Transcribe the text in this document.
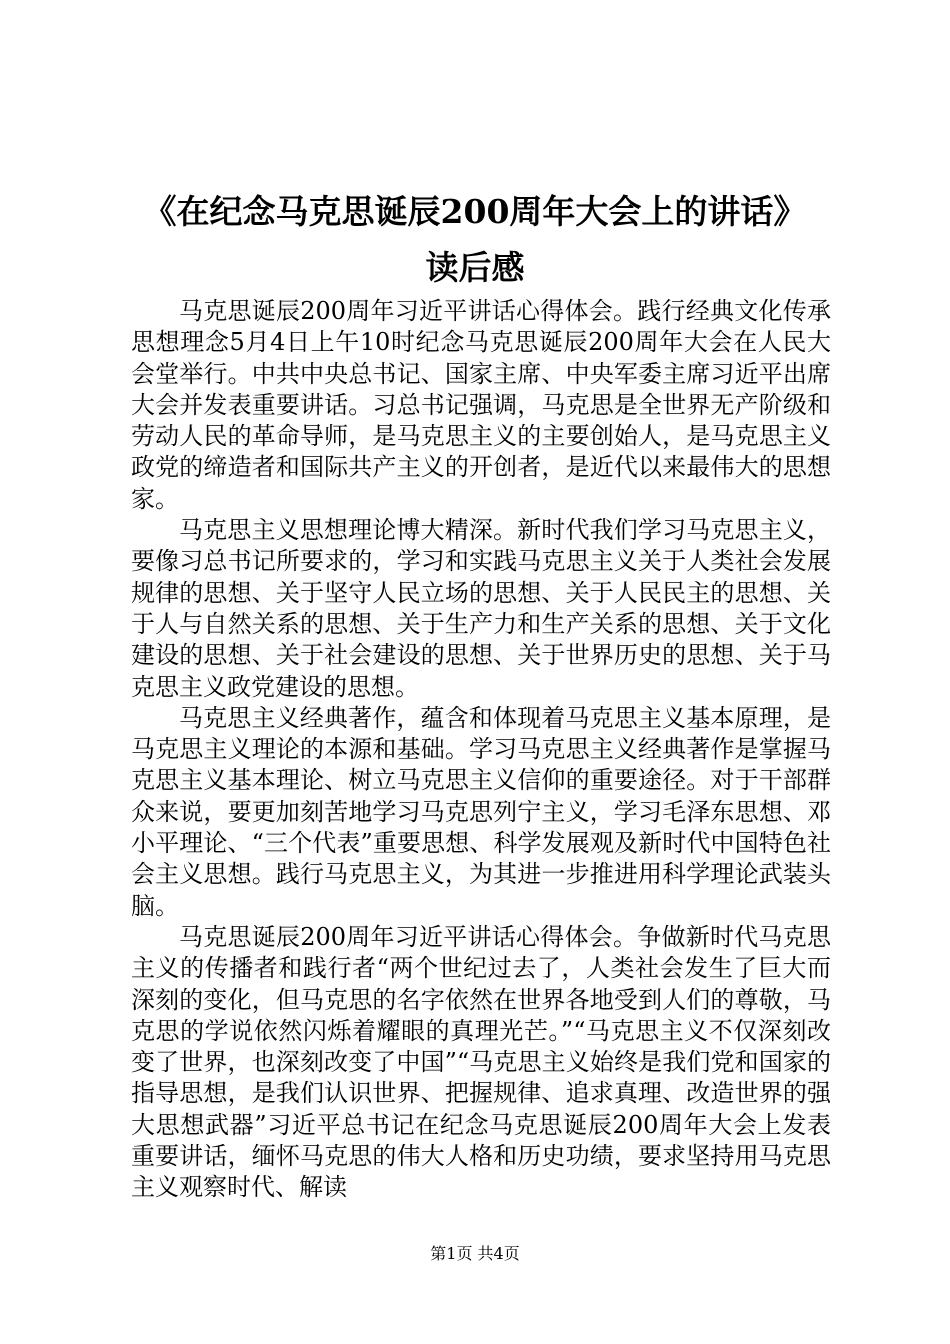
《在纪念马克思诞辰200周年大会上的讲话》
读后感

马克思诞辰200周年习近平讲话心得体会。践行经典文化传承思想理念5月4日上午10时纪念马克思诞辰200周年大会在人民大会堂举行。中共中央总书记、国家主席、中央军委主席习近平出席大会并发表重要讲话。习总书记强调，马克思是全世界无产阶级和劳动人民的革命导师，是马克思主义的主要创始人，是马克思主义政党的缔造者和国际共产主义的开创者，是近代以来最伟大的思想家。

马克思主义思想理论博大精深。新时代我们学习马克思主义，要像习总书记所要求的，学习和实践马克思主义关于人类社会发展规律的思想、关于坚守人民立场的思想、关于人民民主的思想、关于人与自然关系的思想、关于生产力和生产关系的思想、关于文化建设的思想、关于社会建设的思想、关于世界历史的思想、关于马克思主义政党建设的思想。

马克思主义经典著作，蕴含和体现着马克思主义基本原理，是马克思主义理论的本源和基础。学习马克思主义经典著作是掌握马克思主义基本理论、树立马克思主义信仰的重要途径。对于干部群众来说，要更加刻苦地学习马克思列宁主义，学习毛泽东思想、邓小平理论、“三个代表”重要思想、科学发展观及新时代中国特色社会主义思想。践行马克思主义，为其进一步推进用科学理论武装头脑。

马克思诞辰200周年习近平讲话心得体会。争做新时代马克思主义的传播者和践行者“两个世纪过去了，人类社会发生了巨大而深刻的变化，但马克思的名字依然在世界各地受到人们的尊敬，马克思的学说依然闪烁着耀眼的真理光芒。”“马克思主义不仅深刻改变了世界，也深刻改变了中国”“马克思主义始终是我们党和国家的指导思想，是我们认识世界、把握规律、追求真理、改造世界的强大思想武器”习近平总书记在纪念马克思诞辰200周年大会上发表重要讲话，缅怀马克思的伟大人格和历史功绩，要求坚持用马克思主义观察时代、解读

第1页 共4页
